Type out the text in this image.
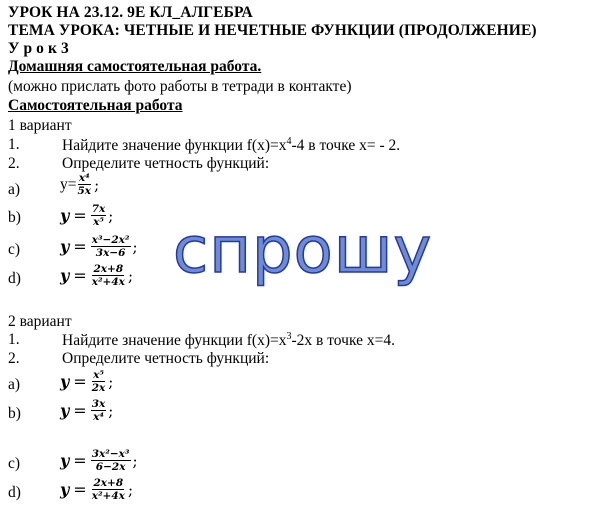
УРОК НА 23.12. 9Е КЛ_АЛГЕБРА
ТЕМА УРОКА: ЧЕТНЫЕ И НЕЧЕТНЫЕ ФУНКЦИИ (ПРОДОЛЖЕНИЕ)
У р о к 3
Домашняя самостоятельная работа.
(можно прислать фото работы в тетради в контакте)
Самостоятельная работа
1 вариант
1.	Найдите значение функции $f(x)=x^4-4$ в точке x= - 2.
2.	Определите четность функций:
a)	$y= \frac{\text{x⁴}}{5x}$ ;
b) $y = \frac{7x}{\text{x⁵}}$ ;
c) $y = \frac{\text{x³−2x²}}{3x-6}$ ;
d) $y = \frac{2x+8}{\text{x²+4x}}$ ;
2 вариант
1.	Найдите значение функции $f(x)=x^3-2x$ в точке x=4.
2.	Определите четность функций:
a) $y = \frac{\text{x⁵}}{2x}$ ;
b) $y = \frac{3x}{\text{x⁴}}$ ;
c) $y = \frac{\text{3x²−x³}}{6-2x}$ ;
d) $y = \frac{2x+8}{\text{x²+4x}}$ ;
спрошу
